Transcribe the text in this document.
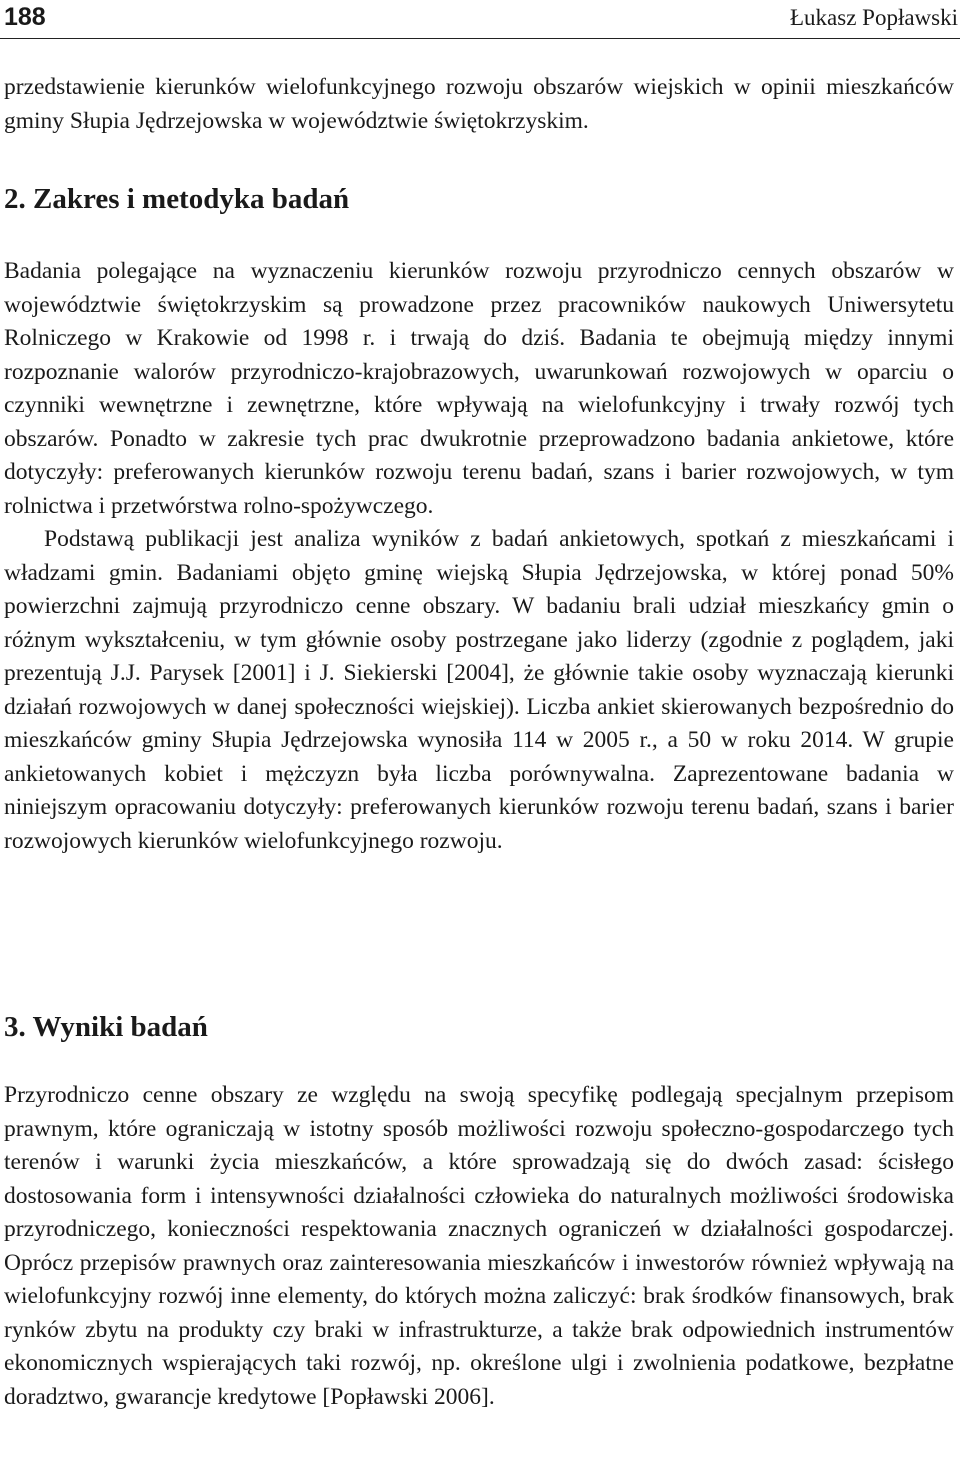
188	Łukasz Popławski

przedstawienie kierunków wielofunkcyjnego rozwoju obszarów wiejskich w opinii mieszkańców gminy Słupia Jędrzejowska w województwie świętokrzyskim.

2. Zakres i metodyka badań

Badania polegające na wyznaczeniu kierunków rozwoju przyrodniczo cennych obszarów w województwie świętokrzyskim są prowadzone przez pracowników naukowych Uniwersytetu Rolniczego w Krakowie od 1998 r. i trwają do dziś. Badania te obejmują między innymi rozpoznanie walorów przyrodniczo-krajobrazowych, uwarunkowań rozwojowych w oparciu o czynniki wewnętrzne i zewnętrzne, które wpływają na wielofunkcyjny i trwały rozwój tych obszarów. Ponadto w zakresie tych prac dwukrotnie przeprowadzono badania ankietowe, które dotyczyły: preferowanych kierunków rozwoju terenu badań, szans i barier rozwojowych, w tym rolnictwa i przetwórstwa rolno-spożywczego.

Podstawą publikacji jest analiza wyników z badań ankietowych, spotkań z mieszkańcami i władzami gmin. Badaniami objęto gminę wiejską Słupia Jędrzejowska, w której ponad 50% powierzchni zajmują przyrodniczo cenne obszary. W badaniu brali udział mieszkańcy gmin o różnym wykształceniu, w tym głównie osoby postrzegane jako liderzy (zgodnie z poglądem, jaki prezentują J.J. Parysek [2001] i J. Siekierski [2004], że głównie takie osoby wyznaczają kierunki działań rozwojowych w danej społeczności wiejskiej). Liczba ankiet skierowanych bezpośrednio do mieszkańców gminy Słupia Jędrzejowska wynosiła 114 w 2005 r., a 50 w roku 2014. W grupie ankietowanych kobiet i mężczyzn była liczba porównywalna. Zaprezentowane badania w niniejszym opracowaniu dotyczyły: preferowanych kierunków rozwoju terenu badań, szans i barier rozwojowych kierunków wielofunkcyjnego rozwoju.

3. Wyniki badań

Przyrodniczo cenne obszary ze względu na swoją specyfikę podlegają specjalnym przepisom prawnym, które ograniczają w istotny sposób możliwości rozwoju społeczno-gospodarczego tych terenów i warunki życia mieszkańców, a które sprowadzają się do dwóch zasad: ścisłego dostosowania form i intensywności działalności człowieka do naturalnych możliwości środowiska przyrodniczego, konieczności respektowania znacznych ograniczeń w działalności gospodarczej. Oprócz przepisów prawnych oraz zainteresowania mieszkańców i inwestorów również wpływają na wielofunkcyjny rozwój inne elementy, do których można zaliczyć: brak środków finansowych, brak rynków zbytu na produkty czy braki w infrastrukturze, a także brak odpowiednich instrumentów ekonomicznych wspierających taki rozwój, np. określone ulgi i zwolnienia podatkowe, bezpłatne doradztwo, gwarancje kredytowe [Popławski 2006].
